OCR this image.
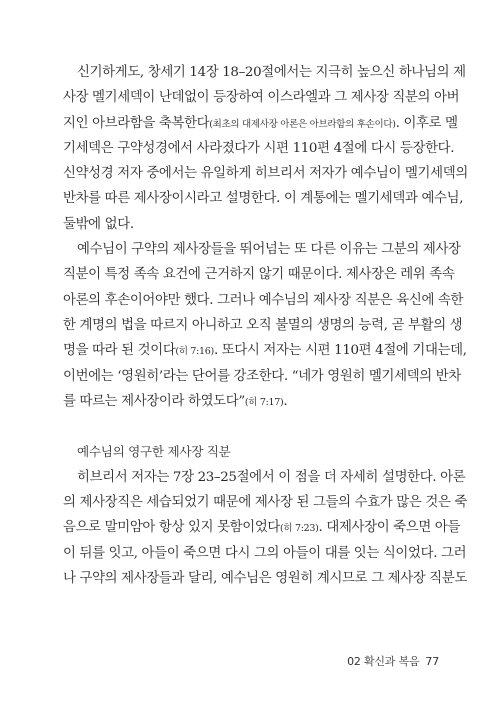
신기하게도, 창세기 14장 18–20절에서는 지극히 높으신 하나님의 제
사장 멜기세덱이 난데없이 등장하여 이스라엘과 그 제사장 직분의 아버
지인 아브라함을 축복한다(최초의 대제사장 아론은 아브라함의 후손이다). 이후로 멜
기세덱은 구약성경에서 사라졌다가 시편 110편 4절에 다시 등장한다.
신약성경 저자 중에서는 유일하게 히브리서 저자가 예수님이 멜기세덱의
반차를 따른 제사장이시라고 설명한다. 이 계통에는 멜기세덱과 예수님,
둘밖에 없다.
예수님이 구약의 제사장들을 뛰어넘는 또 다른 이유는 그분의 제사장
직분이 특정 족속 요건에 근거하지 않기 때문이다. 제사장은 레위 족속
아론의 후손이어야만 했다. 그러나 예수님의 제사장 직분은 육신에 속한
한 계명의 법을 따르지 아니하고 오직 불멸의 생명의 능력, 곧 부활의 생
명을 따라 된 것이다(히 7:16). 또다시 저자는 시편 110편 4절에 기대는데,
이번에는 ‘영원히’라는 단어를 강조한다. “네가 영원히 멜기세덱의 반차
를 따르는 제사장이라 하였도다”(히 7:17).
예수님의 영구한 제사장 직분
히브리서 저자는 7장 23–25절에서 이 점을 더 자세히 설명한다. 아론
의 제사장직은 세습되었기 때문에 제사장 된 그들의 수효가 많은 것은 죽
음으로 말미암아 항상 있지 못함이었다(히 7:23). 대제사장이 죽으면 아들
이 뒤를 잇고, 아들이 죽으면 다시 그의 아들이 대를 잇는 식이었다. 그러
나 구약의 제사장들과 달리, 예수님은 영원히 계시므로 그 제사장 직분도
02 확신과 복음 77
